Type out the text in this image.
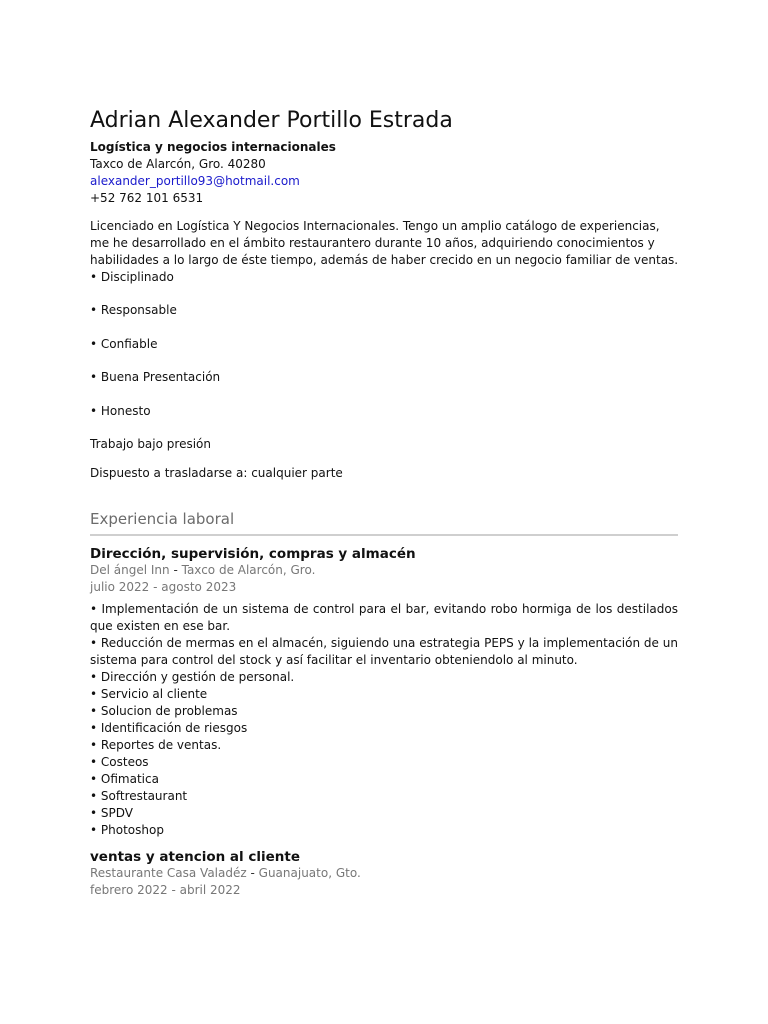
Adrian Alexander Portillo Estrada
Logística y negocios internacionales
Taxco de Alarcón, Gro. 40280
alexander_portillo93@hotmail.com
+52 762 101 6531
Licenciado en Logística Y Negocios Internacionales. Tengo un amplio catálogo de experiencias, me he desarrollado en el ámbito restaurantero durante 10 años, adquiriendo conocimientos y habilidades a lo largo de éste tiempo, además de haber crecido en un negocio familiar de ventas.
• Disciplinado
• Responsable
• Confiable
• Buena Presentación
• Honesto
Trabajo bajo presión
Dispuesto a trasladarse a: cualquier parte
Experiencia laboral
Dirección, supervisión, compras y almacén
Del ángel Inn - Taxco de Alarcón, Gro.
julio 2022 - agosto 2023
• Implementación de un sistema de control para el bar, evitando robo hormiga de los destilados que existen en ese bar.
• Reducción de mermas en el almacén, siguiendo una estrategia PEPS y la implementación de un sistema para control del stock y así facilitar el inventario obteniendolo al minuto.
• Dirección y gestión de personal.
• Servicio al cliente
• Solucion de problemas
• Identificación de riesgos
• Reportes de ventas.
• Costeos
• Ofimatica
• Softrestaurant
• SPDV
• Photoshop
ventas y atencion al cliente
Restaurante Casa Valadéz - Guanajuato, Gto.
febrero 2022 - abril 2022
